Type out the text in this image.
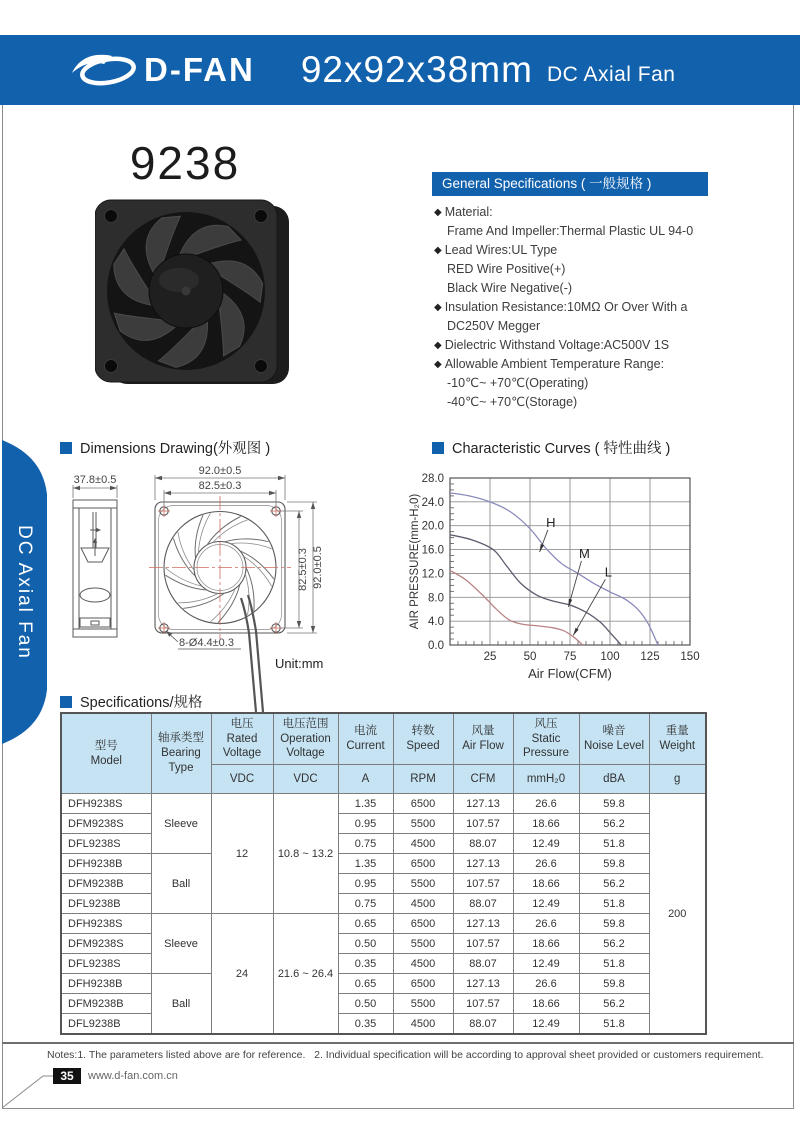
D-FAN 92x92x38mm DC Axial Fan
9238	General Specifications ( 一般规格 )
◆ Material:
Frame And Impeller:Thermal Plastic UL 94-0
◆ Lead Wires:UL Type
RED Wire Positive(+)
Black Wire Negative(-)
◆ Insulation Resistance:10MΩ Or Over With a
DC250V Megger
◆ Dielectric Withstand Voltage:AC500V 1S
◆ Allowable Ambient Temperature Range:
-10℃~ +70℃(Operating)
-40℃~ +70℃(Storage)
DC Axial Fan
Dimensions Drawing(外观图 )	Characteristic Curves ( 特性曲线 )
Specifications/规格
37.8±0.5
92.0±0.5
82.5±0.3
82.5±0.3 92.0±0.5
8-Ø4.4±0.3
Unit:mm	25 50 75 100 125 150
0.0
4.0
8.0
12.0
16.0
20.0
24.0
28.0
H
M
L
Air Flow(CFM)
AIR PRESSURE(mm-H₂0)
型号
Model

轴承类型
Bearing
Type

电压
Rated
Voltage

电压范围
Operation
Voltage

电流
Current

转数
Speed

风量
Air Flow

风压
Static
Pressure

噪音
Noise Level

重量
Weight

		VDC	VDC	A	RPM	CFM	mmH₂0	dBA	g
DFH9238S	Sleeve	12	10.8 ~ 13.2	1.35	6500	127.13	26.6	59.8	200
DFM9238S				0.95	5500	107.57	18.66	56.2	
DFL9238S				0.75	4500	88.07	12.49	51.8	
DFH9238B	Ball			1.35	6500	127.13	26.6	59.8	
DFM9238B				0.95	5500	107.57	18.66	56.2	
DFL9238B				0.75	4500	88.07	12.49	51.8	
DFH9238S	Sleeve	24	21.6 ~ 26.4	0.65	6500	127.13	26.6	59.8	
DFM9238S				0.50	5500	107.57	18.66	56.2	
DFL9238S				0.35	4500	88.07	12.49	51.8	
DFH9238B	Ball			0.65	6500	127.13	26.6	59.8	
DFM9238B				0.50	5500	107.57	18.66	56.2	
DFL9238B				0.35	4500	88.07	12.49	51.8	
Notes:1. The parameters listed above are for reference.   2. Individual specification will be according to approval sheet provided or customers requirement.
35	www.d-fan.com.cn
